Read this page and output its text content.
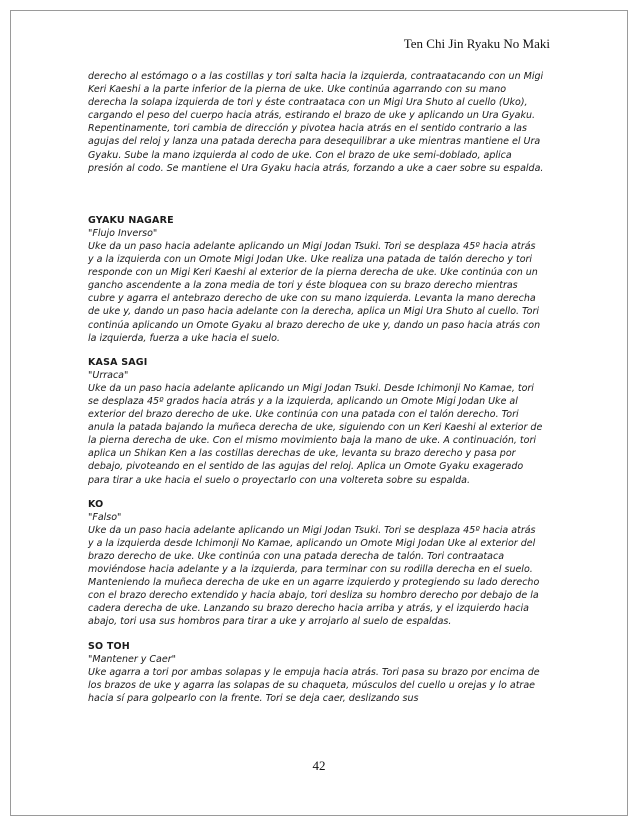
Ten Chi Jin Ryaku No Maki

derecho al estómago o a las costillas y tori salta hacia la izquierda, contraatacando con un Migi Keri Kaeshi a la parte inferior de la pierna de uke. Uke continúa agarrando con su mano derecha la solapa izquierda de tori y éste contraataca con un Migi Ura Shuto al cuello (Uko), cargando el peso del cuerpo hacia atrás, estirando el brazo de uke y aplicando un Ura Gyaku. Repentinamente, tori cambia de dirección y pivotea hacia atrás en el sentido contrario a las agujas del reloj y lanza una patada derecha para desequilibrar a uke mientras mantiene el Ura Gyaku. Sube la mano izquierda al codo de uke. Con el brazo de uke semi-doblado, aplica presión al codo. Se mantiene el Ura Gyaku hacia atrás, forzando a uke a caer sobre su espalda.

GYAKU NAGARE

"Flujo Inverso"

Uke da un paso hacia adelante aplicando un Migi Jodan Tsuki. Tori se desplaza 45º hacia atrás y a la izquierda con un Omote Migi Jodan Uke. Uke realiza una patada de talón derecho y tori responde con un Migi Keri Kaeshi al exterior de la pierna derecha de uke. Uke continúa con un gancho ascendente a la zona media de tori y éste bloquea con su brazo derecho mientras cubre y agarra el antebrazo derecho de uke con su mano izquierda. Levanta la mano derecha de uke y, dando un paso hacia adelante con la derecha, aplica un Migi Ura Shuto al cuello. Tori continúa aplicando un Omote Gyaku al brazo derecho de uke y, dando un paso hacia atrás con la izquierda, fuerza a uke hacia el suelo.

KASA SAGI

"Urraca"

Uke da un paso hacia adelante aplicando un Migi Jodan Tsuki. Desde Ichimonji No Kamae, tori se desplaza 45º grados hacia atrás y a la izquierda, aplicando un Omote Migi Jodan Uke al exterior del brazo derecho de uke. Uke continúa con una patada con el talón derecho. Tori anula la patada bajando la muñeca derecha de uke, siguiendo con un Keri Kaeshi al exterior de la pierna derecha de uke. Con el mismo movimiento baja la mano de uke. A continuación, tori aplica un Shikan Ken a las costillas derechas de uke, levanta su brazo derecho y pasa por debajo, pivoteando en el sentido de las agujas del reloj. Aplica un Omote Gyaku exagerado para tirar a uke hacia el suelo o proyectarlo con una voltereta sobre su espalda.

KO

"Falso"

Uke da un paso hacia adelante aplicando un Migi Jodan Tsuki. Tori se desplaza 45º hacia atrás y a la izquierda desde Ichimonji No Kamae, aplicando un Omote Migi Jodan Uke al exterior del brazo derecho de uke. Uke continúa con una patada derecha de talón. Tori contraataca moviéndose hacia adelante y a la izquierda, para terminar con su rodilla derecha en el suelo. Manteniendo la muñeca derecha de uke en un agarre izquierdo y protegiendo su lado derecho con el brazo derecho extendido y hacia abajo, tori desliza su hombro derecho por debajo de la cadera derecha de uke. Lanzando su brazo derecho hacia arriba y atrás, y el izquierdo hacia abajo, tori usa sus hombros para tirar a uke y arrojarlo al suelo de espaldas.

SO TOH

"Mantener y Caer"

Uke agarra a tori por ambas solapas y le empuja hacia atrás. Tori pasa su brazo por encima de los brazos de uke y agarra las solapas de su chaqueta, músculos del cuello u orejas y lo atrae hacia sí para golpearlo con la frente. Tori se deja caer, deslizando sus

42
